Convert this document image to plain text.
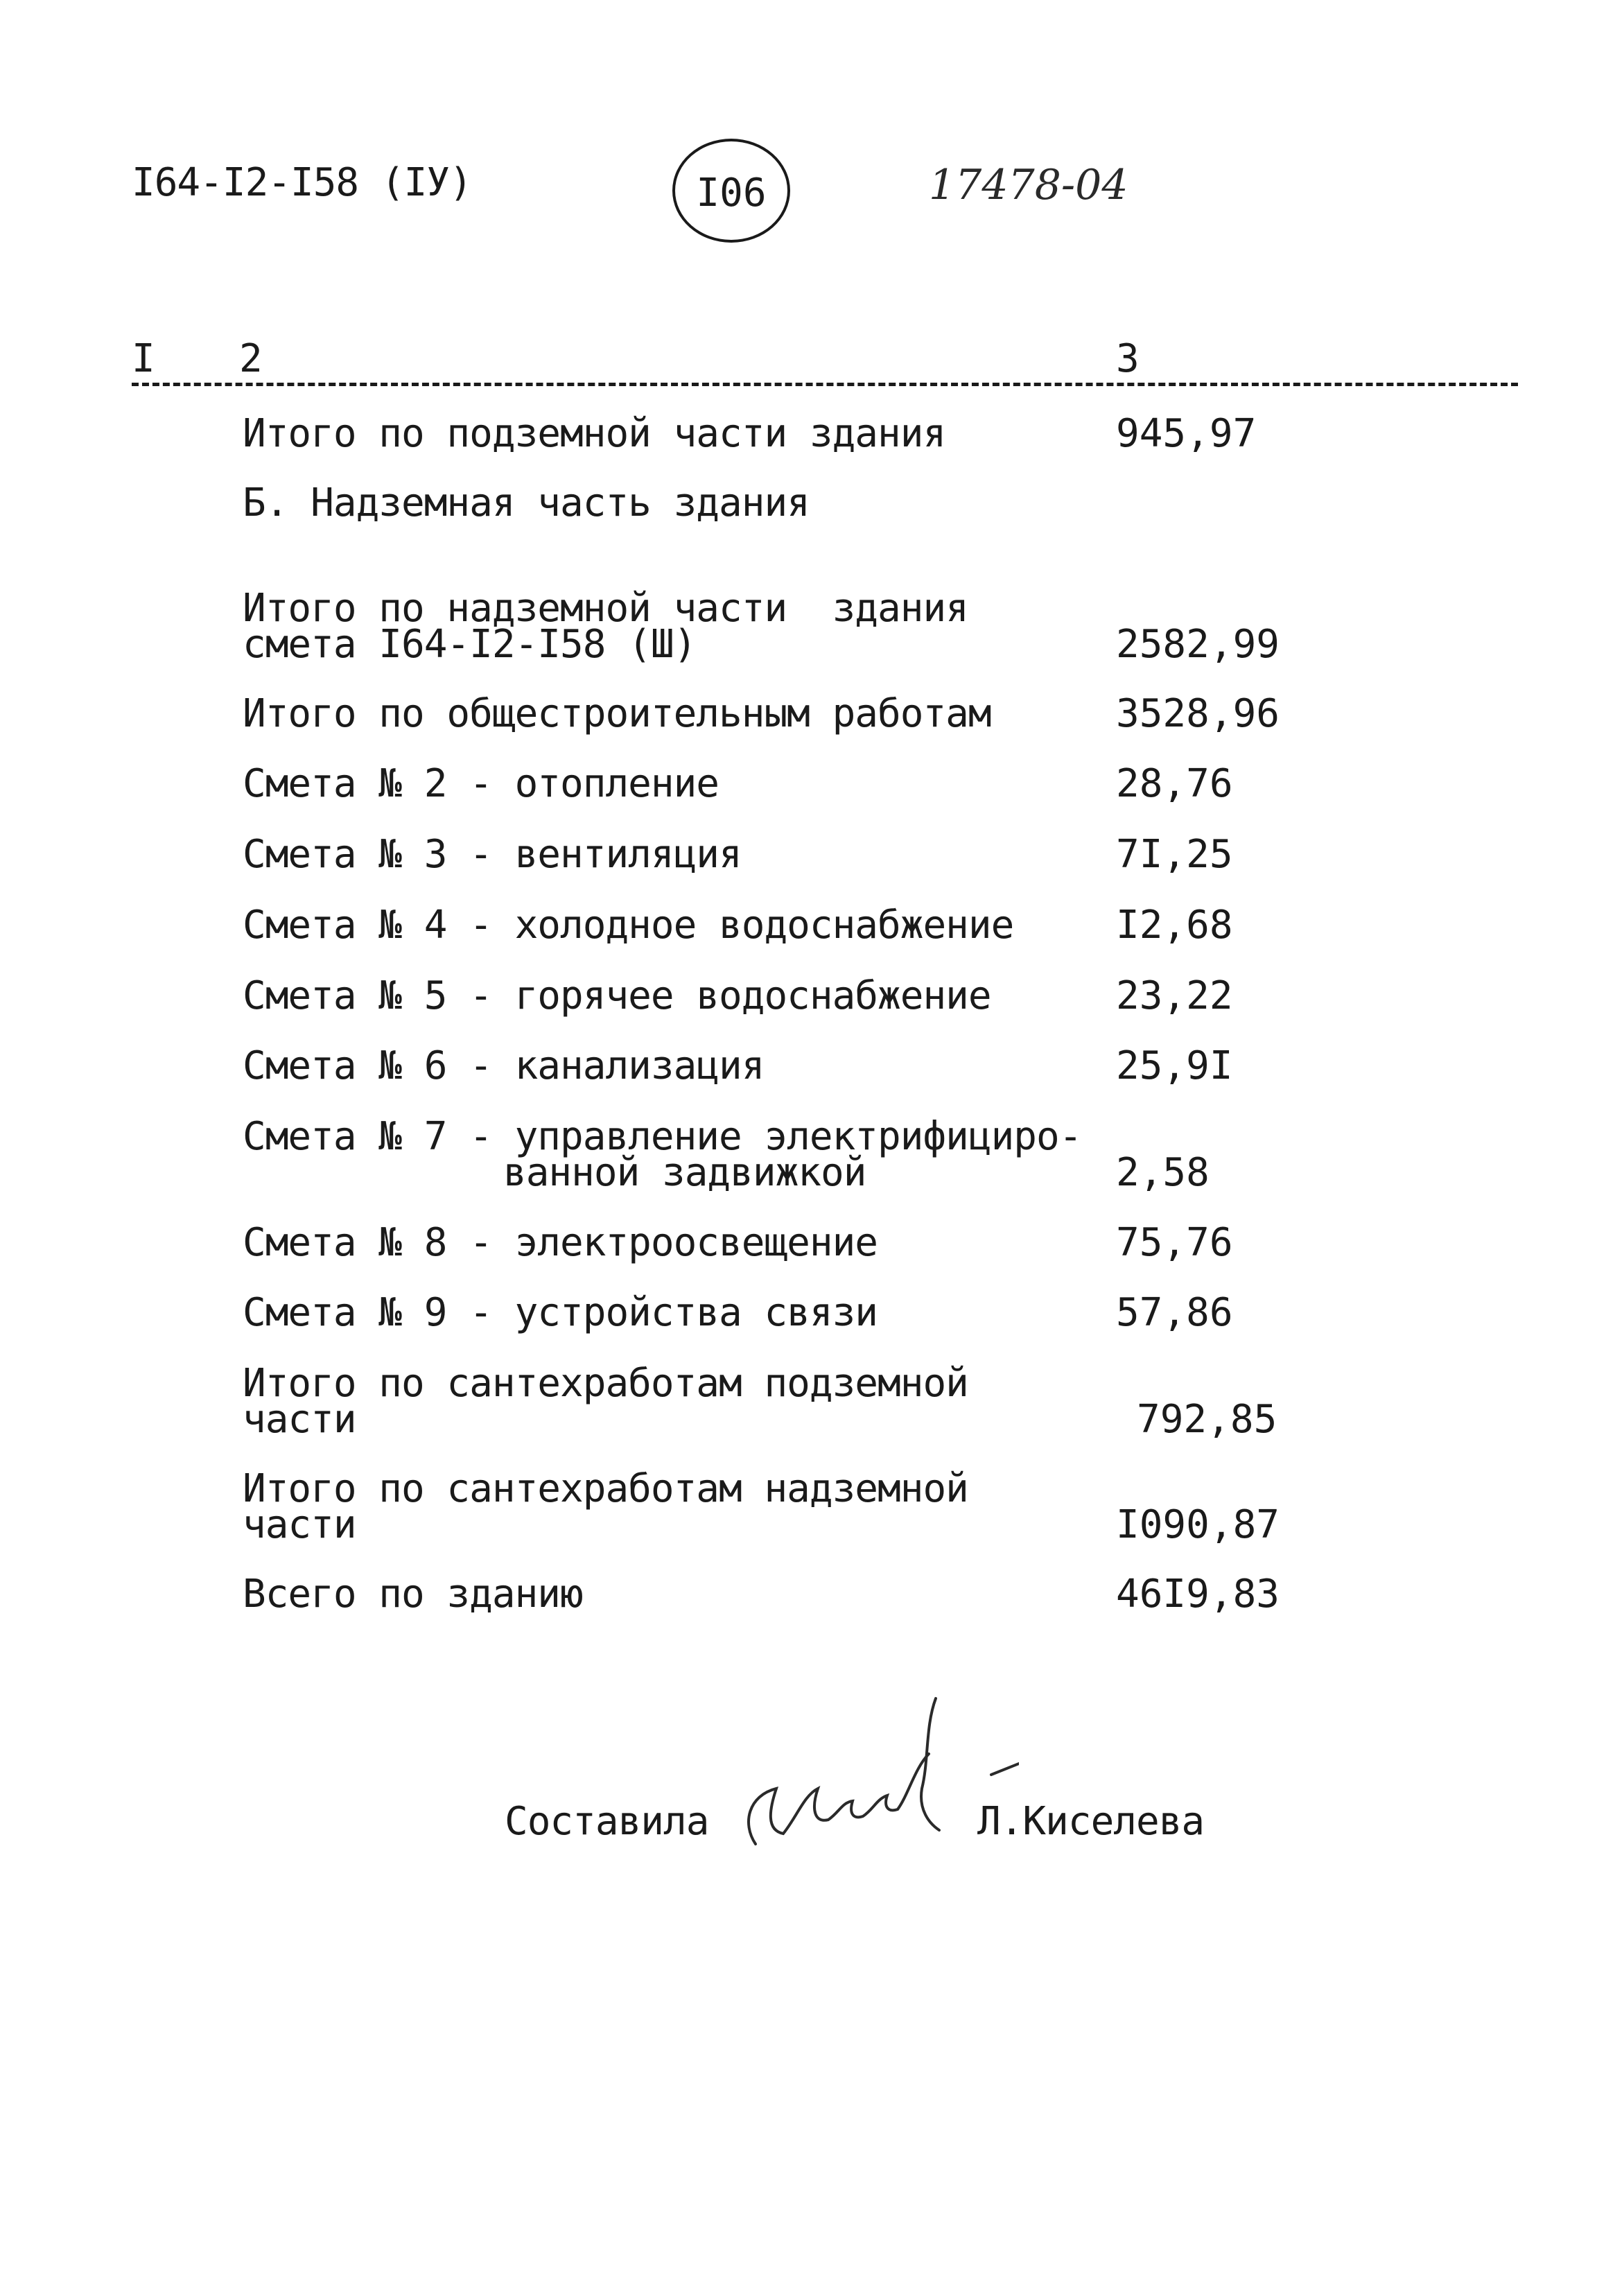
I64-I2-I58 (IУ)	I06	17478-04
I 2	3
Итого по подземной части здания	945,97
Б. Надземная часть здания
Итого по надземной части  здания
смета I64-I2-I58 (Ш)	2582,99
Итого по общестроительным работам	3528,96
Смета № 2 - отопление	28,76
Смета № 3 - вентиляция	7I,25
Смета № 4 - холодное водоснабжение	I2,68
Смета № 5 - горячее водоснабжение	23,22
Смета № 6 - канализация	25,9I
Смета № 7 - управление электрифициро-
ванной задвижкой	2,58
Смета № 8 - электроосвещение	75,76
Смета № 9 - устройства связи	57,86
Итого по сантехработам подземной
части	792,85
Итого по сантехработам надземной
части	I090,87
Всего по зданию	46I9,83
Составила	Л.Киселева
